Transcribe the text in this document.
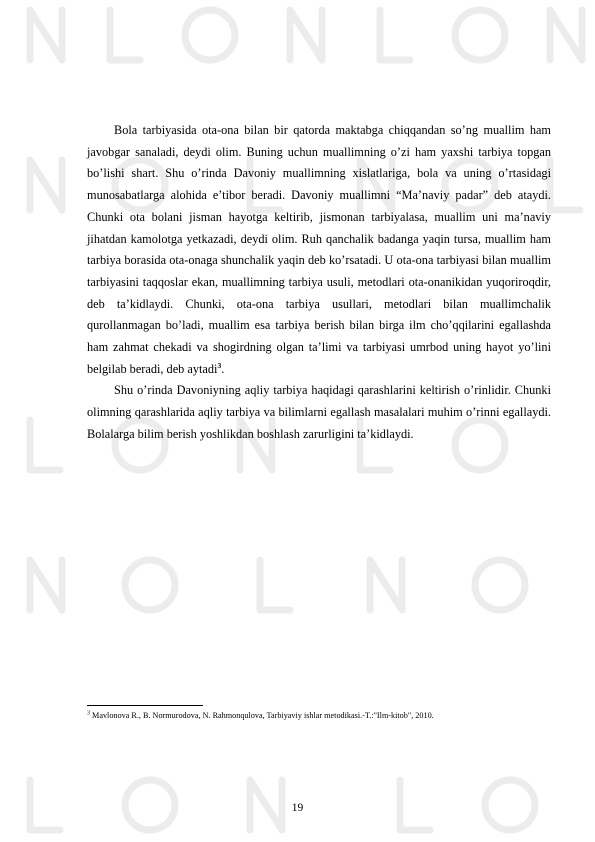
Bola tarbiyasida ota-ona bilan bir qatorda maktabga chiqqandan so’ng muallim ham javobgar sanaladi, deydi olim. Buning uchun muallimning o’zi ham yaxshi tarbiya topgan bo’lishi shart. Shu o’rinda Davoniy muallimning xislatlariga, bola va uning o’rtasidagi munosabatlarga alohida e’tibor beradi. Davoniy muallimni “Ma’naviy padar” deb ataydi. Chunki ota bolani jisman hayotga keltirib, jismonan tarbiyalasa, muallim uni ma’naviy jihatdan kamolotga yetkazadi, deydi olim. Ruh qanchalik badanga yaqin tursa, muallim ham tarbiya borasida ota-onaga shunchalik yaqin deb ko’rsatadi. U ota-ona tarbiyasi bilan muallim tarbiyasini taqqoslar ekan, muallimning tarbiya usuli, metodlari ota-onanikidan yuqoriroqdir, deb ta’kidlaydi. Chunki, ota-ona tarbiya usullari, metodlari bilan muallimchalik qurollanmagan bo’ladi, muallim esa tarbiya berish bilan birga ilm cho’qqilarini egallashda ham zahmat chekadi va shogirdning olgan ta’limi va tarbiyasi umrbod uning hayot yo’lini belgilab beradi, deb aytadi$^3$.

Shu o’rinda Davoniyning aqliy tarbiya haqidagi qarashlarini keltirish o’rinlidir. Chunki olimning qarashlarida aqliy tarbiya va bilimlarni egallash masalalari muhim o’rinni egallaydi. Bolalarga bilim berish yoshlikdan boshlash zarurligini ta’kidlaydi.

$^3$ Mavlonova R., B. Normurodova, N. Rahmonqulova, Tarbiyaviy ishlar metodikasi.-T.:"Ilm-kitob", 2010.
19
